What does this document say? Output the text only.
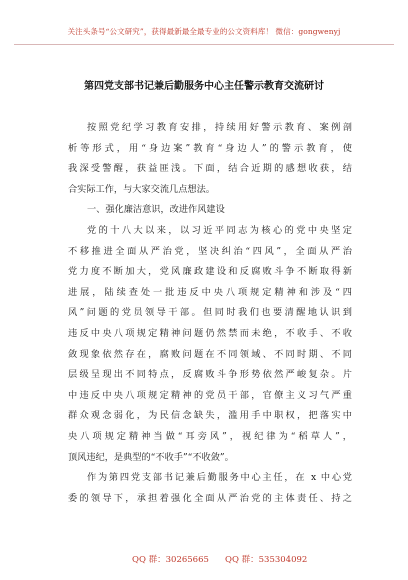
关注头条号“公文研究”，获得最新最全最专业的公文资料库！ 微信：gongwenyj
第四党支部书记兼后勤服务中心主任警示教育交流研讨
按照党纪学习教育安排，持续用好警示教育、案例剖
析等形式，用“身边案”教育“身边人”的警示教育，使
我深受警醒，获益匪浅。下面，结合近期的感想收获，结
合实际工作，与大家交流几点想法。
一、强化廉洁意识，改进作风建设
党的十八大以来，以习近平同志为核心的党中央坚定
不移推进全面从严治党，坚决纠治“四风”，全面从严治
党力度不断加大，党风廉政建设和反腐败斗争不断取得新
进展，陆续查处一批违反中央八项规定精神和涉及“四
风”问题的党员领导干部。但同时我们也要清醒地认识到
违反中央八项规定精神问题仍然禁而未绝，不收手、不收
敛现象依然存在，腐败问题在不同领域、不同时期、不同
层级呈现出不同特点，反腐败斗争形势依然严峻复杂。片
中违反中央八项规定精神的党员干部，官僚主义习气严重
群众观念弱化，为民信念缺失，滥用手中职权，把落实中
央八项规定精神当做“耳旁风”，视纪律为“稻草人”，
顶风违纪，是典型的“不收手”“不收敛”。
作为第四党支部书记兼后勤服务中心主任，在 x 中心党
委的领导下，承担着强化全面从严治党的主体责任、持之
QQ 群：30265665 QQ 群：535304092
